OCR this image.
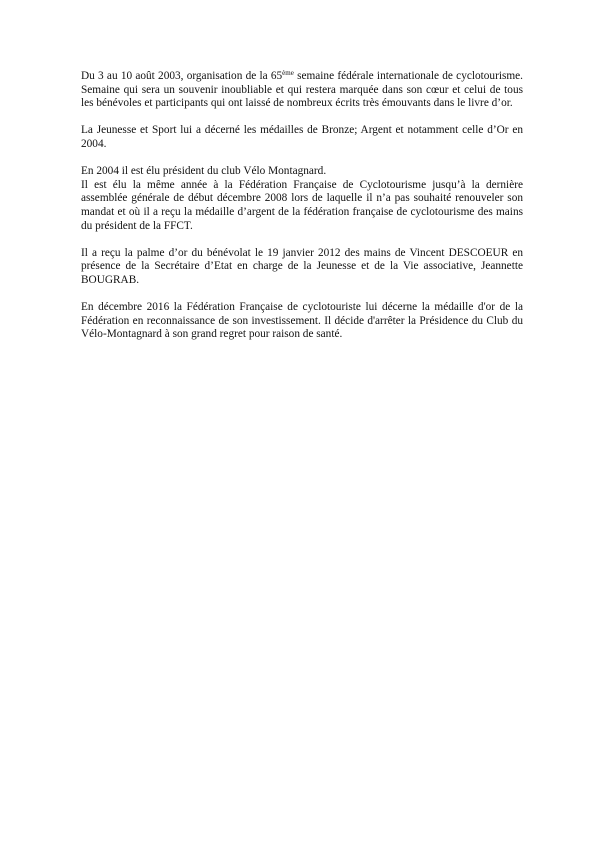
Du 3 au 10 août 2003, organisation de la 65ème semaine fédérale internationale de cyclotourisme. Semaine qui sera un souvenir inoubliable et qui restera marquée dans son cœur et celui de tous les bénévoles et participants qui ont laissé de nombreux écrits très émouvants dans le livre d’or.

La Jeunesse et Sport lui a décerné les médailles de Bronze; Argent et notamment celle d’Or en 2004.

En 2004 il est élu président du club Vélo Montagnard.

Il est élu la même année à la Fédération Française de Cyclotourisme jusqu’à la dernière assemblée générale de début décembre 2008 lors de laquelle il n’a pas souhaité renouveler son mandat et où il a reçu la médaille d’argent de la fédération française de cyclotourisme des mains du président de la FFCT.

Il a reçu la palme d’or du bénévolat le 19 janvier 2012 des mains de Vincent DESCOEUR en présence de la Secrétaire d’Etat en charge de la Jeunesse et de la Vie associative, Jeannette BOUGRAB.

En décembre 2016 la Fédération Française de cyclotouriste lui décerne la médaille d'or de la Fédération en reconnaissance de son investissement. Il décide d'arrêter la Présidence du Club du Vélo-Montagnard à son grand regret pour raison de santé.
